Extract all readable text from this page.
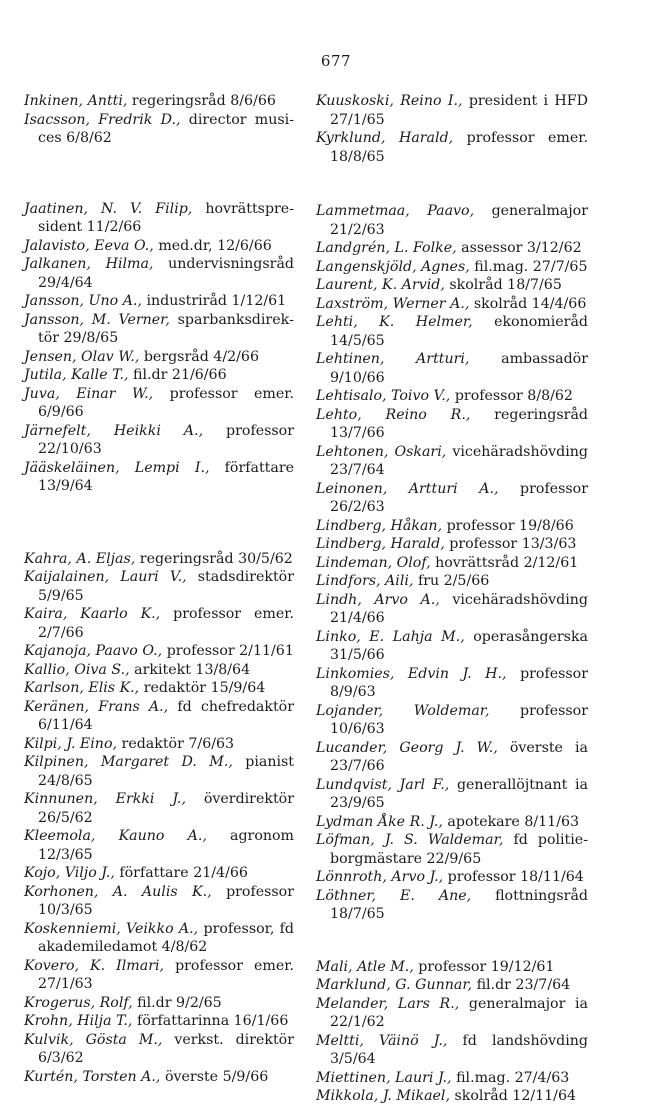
677

Inkinen, Antti, regeringsråd 8/6/66

Isacsson, Fredrik D., director musices 6/8/62

Jaatinen, N. V. Filip, hovrättspresident 11/2/66

Jalavisto, Eeva O., med.dr, 12/6/66

Jalkanen, Hilma, undervisningsråd 29/4/64

Jansson, Uno A., industriråd 1/12/61

Jansson, M. Verner, sparbanksdirektör 29/8/65

Jensen, Olav W., bergsråd 4/2/66

Jutila, Kalle T., fil.dr 21/6/66

Juva, Einar W., professor emer. 6/9/66

Järnefelt, Heikki A., professor 22/10/63

Jääskeläinen, Lempi I., författare 13/9/64

Kahra, A. Eljas, regeringsråd 30/5/62

Kaijalainen, Lauri V., stadsdirektör 5/9/65

Kaira, Kaarlo K., professor emer. 2/7/66

Kajanoja, Paavo O., professor 2/11/61

Kallio, Oiva S., arkitekt 13/8/64

Karlson, Elis K., redaktör 15/9/64

Keränen, Frans A., fd chefredaktör 6/11/64

Kilpi, J. Eino, redaktör 7/6/63

Kilpinen, Margaret D. M., pianist 24/8/65

Kinnunen, Erkki J., överdirektör 26/5/62

Kleemola, Kauno A., agronom 12/3/65

Kojo, Viljo J., författare 21/4/66

Korhonen, A. Aulis K., professor 10/3/65

Koskenniemi, Veikko A., professor, fd akademiledamot 4/8/62

Kovero, K. Ilmari, professor emer. 27/1/63

Krogerus, Rolf, fil.dr 9/2/65

Krohn, Hilja T., författarinna 16/1/66

Kulvik, Gösta M., verkst. direktör 6/3/62

Kurtén, Torsten A., överste 5/9/66

Kuuskoski, Reino I., president i HFD 27/1/65

Kyrklund, Harald, professor emer. 18/8/65

Lammetmaa, Paavo, generalmajor 21/2/63

Landgrén, L. Folke, assessor 3/12/62

Langenskjöld, Agnes, fil.mag. 27/7/65

Laurent, K. Arvid, skolråd 18/7/65

Laxström, Werner A., skolråd 14/4/66

Lehti, K. Helmer, ekonomieråd 14/5/65

Lehtinen, Artturi, ambassadör 9/10/66

Lehtisalo, Toivo V., professor 8/8/62

Lehto, Reino R., regeringsråd 13/7/66

Lehtonen, Oskari, vicehäradshövding 23/7/64

Leinonen, Artturi A., professor 26/2/63

Lindberg, Håkan, professor 19/8/66

Lindberg, Harald, professor 13/3/63

Lindeman, Olof, hovrättsråd 2/12/61

Lindfors, Aili, fru 2/5/66

Lindh, Arvo A., vicehäradshövding 21/4/66

Linko, E. Lahja M., operasångerska 31/5/66

Linkomies, Edvin J. H., professor 8/9/63

Lojander, Woldemar, professor 10/6/63

Lucander, Georg J. W., överste ia 23/7/66

Lundqvist, Jarl F., generallöjtnant ia 23/9/65

Lydman Åke R. J., apotekare 8/11/63

Löfman, J. S. Waldemar, fd politieborgmästare 22/9/65

Lönnroth, Arvo J., professor 18/11/64

Löthner, E. Ane, flottningsråd 18/7/65

Mali, Atle M., professor 19/12/61

Marklund, G. Gunnar, fil.dr 23/7/64

Melander, Lars R., generalmajor ia 22/1/62

Meltti, Väinö J., fd landshövding 3/5/64

Miettinen, Lauri J., fil.mag. 27/4/63

Mikkola, J. Mikael, skolråd 12/11/64
